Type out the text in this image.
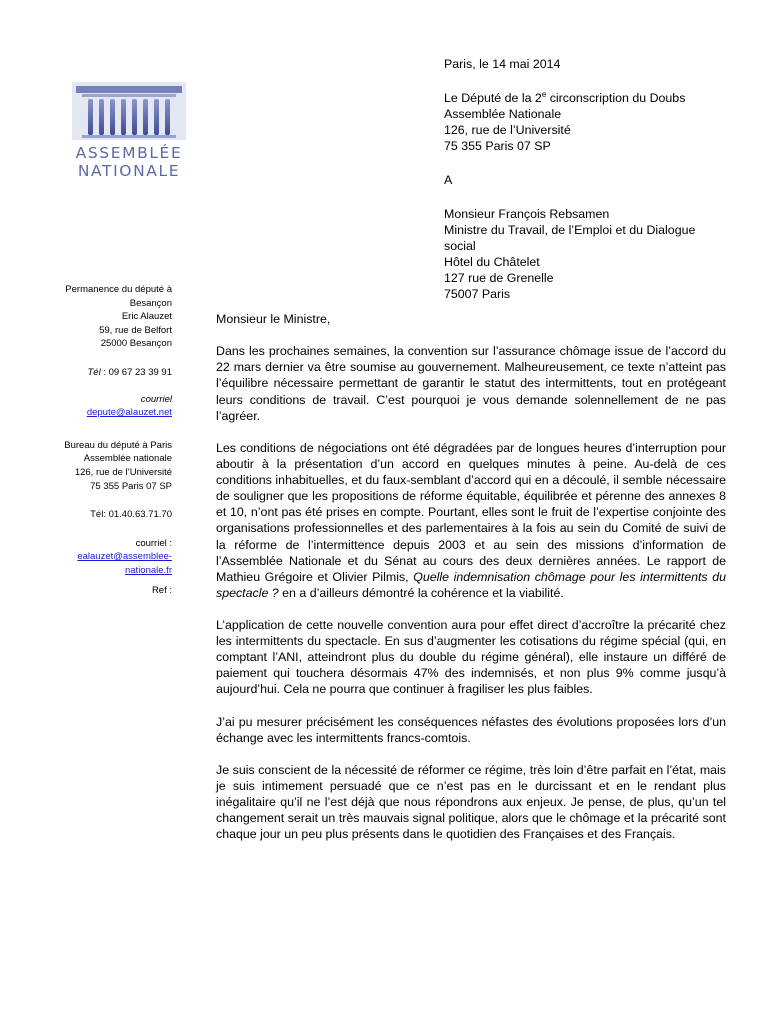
ASSEMBLÉE
NATIONALE
Permanence du député à
Besançon
Eric Alauzet
59, rue de Belfort
25000 Besançon
Tél : 09 67 23 39 91
courriel
depute@alauzet.net
Bureau du député à Paris
Assemblée nationale
126, rue de l’Université
75 355 Paris 07 SP
Tél: 01.40.63.71.70
courriel :
ealauzet@assemblee-
nationale.fr
Ref :
Paris, le 14 mai 2014
Le Député de la 2e circonscription du Doubs
Assemblée Nationale
126, rue de l’Université
75 355 Paris 07 SP
A
Monsieur François Rebsamen
Ministre du Travail, de l’Emploi et du Dialogue
social
Hôtel du Châtelet
127 rue de Grenelle
75007 Paris

Monsieur le Ministre,

Dans les prochaines semaines, la convention sur l’assurance chômage issue de l’accord du 22 mars dernier va être soumise au gouvernement. Malheureusement, ce texte n’atteint pas l’équilibre nécessaire permettant de garantir le statut des intermittents, tout en protégeant leurs conditions de travail. C’est pourquoi je vous demande solennellement de ne pas l’agréer.

Les conditions de négociations ont été dégradées par de longues heures d’interruption pour aboutir à la présentation d’un accord en quelques minutes à peine. Au-delà de ces conditions inhabituelles, et du faux-semblant d’accord qui en a découlé, il semble nécessaire de souligner que les propositions de réforme équitable, équilibrée et pérenne des annexes 8 et 10, n’ont pas été prises en compte. Pourtant, elles sont le fruit de l’expertise conjointe des organisations professionnelles et des parlementaires à la fois au sein du Comité de suivi de la réforme de l’intermittence depuis 2003 et au sein des missions d’information de l’Assemblée Nationale et du Sénat au cours des deux dernières années. Le rapport de Mathieu Grégoire et Olivier Pilmis, Quelle indemnisation chômage pour les intermittents du spectacle ? en a d’ailleurs démontré la cohérence et la viabilité.

L’application de cette nouvelle convention aura pour effet direct d’accroître la précarité chez les intermittents du spectacle. En sus d’augmenter les cotisations du régime spécial (qui, en comptant l’ANI, atteindront plus du double du régime général), elle instaure un différé de paiement qui touchera désormais 47% des indemnisés, et non plus 9% comme jusqu’à aujourd’hui. Cela ne pourra que continuer à fragiliser les plus faibles.

J’ai pu mesurer précisément les conséquences néfastes des évolutions proposées lors d’un échange avec les intermittents francs-comtois.

Je suis conscient de la nécessité de réformer ce régime, très loin d’être parfait en l’état, mais je suis intimement persuadé que ce n’est pas en le durcissant et en le rendant plus inégalitaire qu’il ne l’est déjà que nous répondrons aux enjeux. Je pense, de plus, qu’un tel changement serait un très mauvais signal politique, alors que le chômage et la précarité sont chaque jour un peu plus présents dans le quotidien des Françaises et des Français.
